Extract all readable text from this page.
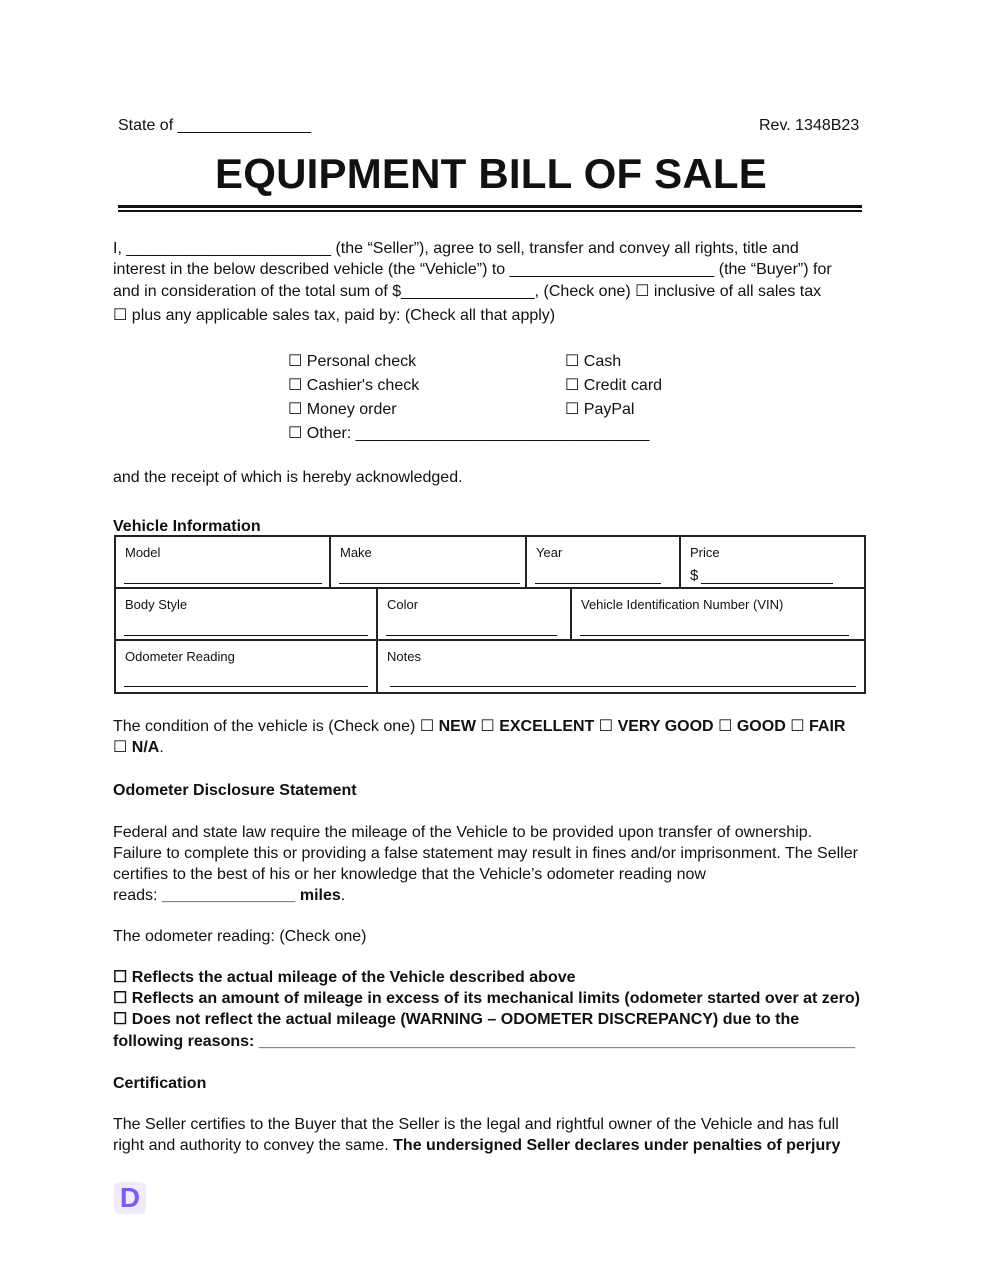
State of _______________	Rev. 1348B23
EQUIPMENT BILL OF SALE
I, _______________________ (the “Seller”), agree to sell, transfer and convey all rights, title and
interest in the below described vehicle (the “Vehicle”) to _______________________ (the “Buyer”) for
and in consideration of the total sum of $_______________, (Check one) ☐ inclusive of all sales tax
☐ plus any applicable sales tax, paid by: (Check all that apply)
☐ Personal check
☐ Cashier's check
☐ Money order
☐ Other: _________________________________
☐ Cash
☐ Credit card
☐ PayPal
and the receipt of which is hereby acknowledged.
Vehicle Information
Model	Make	Year	Price
$
Body Style	Color	Vehicle Identification Number (VIN)
Odometer Reading	Notes
The condition of the vehicle is (Check one) ☐ NEW ☐ EXCELLENT ☐ VERY GOOD ☐ GOOD ☐ FAIR
☐ N/A.
Odometer Disclosure Statement
Federal and state law require the mileage of the Vehicle to be provided upon transfer of ownership.
Failure to complete this or providing a false statement may result in fines and/or imprisonment. The Seller
certifies to the best of his or her knowledge that the Vehicle’s odometer reading now
reads: _______________ miles.
The odometer reading: (Check one)
☐ Reflects the actual mileage of the Vehicle described above
☐ Reflects an amount of mileage in excess of its mechanical limits (odometer started over at zero)
☐ Does not reflect the actual mileage (WARNING – ODOMETER DISCREPANCY) due to the
following reasons: ___________________________________________________________________
Certification
The Seller certifies to the Buyer that the Seller is the legal and rightful owner of the Vehicle and has full
right and authority to convey the same. The undersigned Seller declares under penalties of perjury
D
